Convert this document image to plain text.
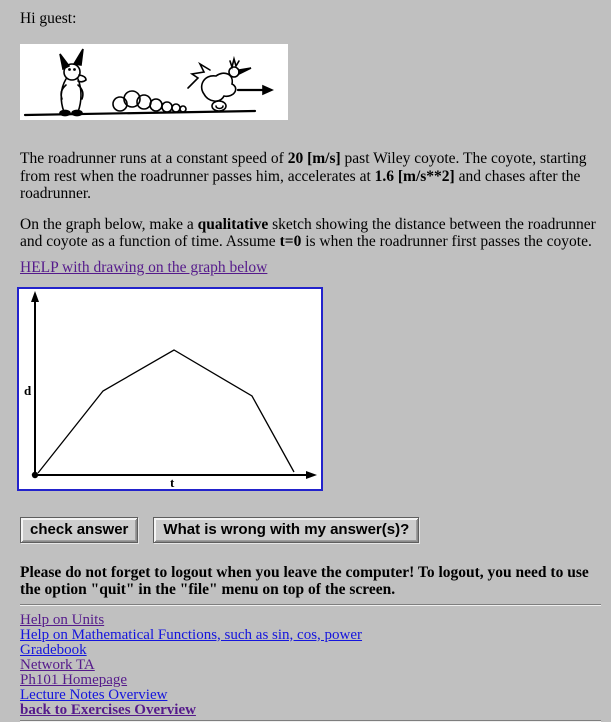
Hi guest:

The roadrunner runs at a constant speed of 20 [m/s] past Wiley coyote. The coyote, starting from rest when the roadrunner passes him, accelerates at 1.6 [m/s**2] and chases after the roadrunner.

On the graph below, make a qualitative sketch showing the distance between the roadrunner and coyote as a function of time. Assume t=0 is when the roadrunner first passes the coyote.

HELP with drawing on the graph below
d
t
check answer What is wrong with my answer(s)?

Please do not forget to logout when you leave the computer! To logout, you need to use the option "quit" in the "file" menu on top of the screen.

Help on Units
Help on Mathematical Functions, such as sin, cos, power
Gradebook
Network TA
Ph101 Homepage
Lecture Notes Overview
back to Exercises Overview
